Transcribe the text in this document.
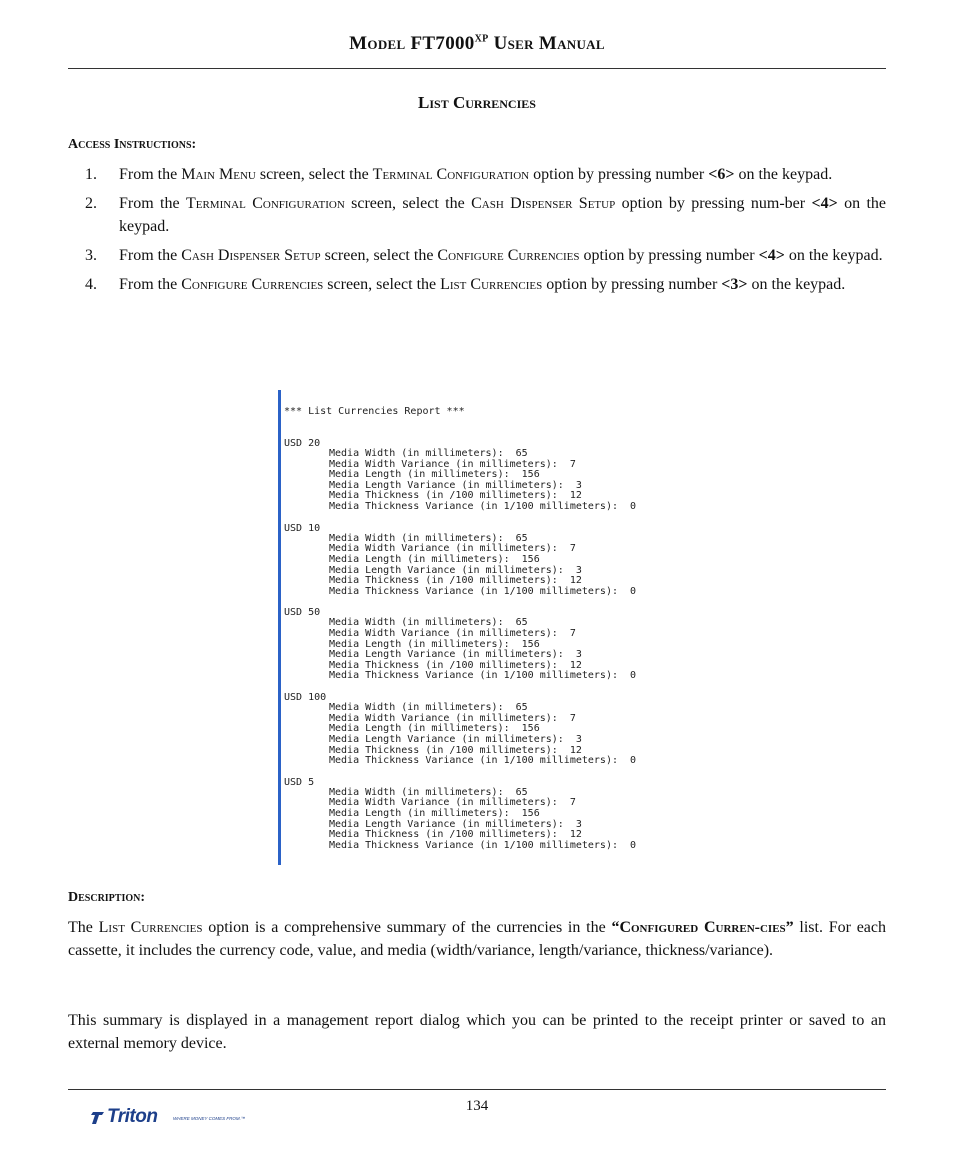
Model $FT7000^{XP}$ User Manual
List Currencies
Access Instructions:
1. From the Main Menu screen, select the Terminal Configuration option by pressing number <6> on the keypad.
2. From the Terminal Configuration screen, select the Cash Dispenser Setup option by pressing num-ber <4> on the keypad.
3. From the Cash Dispenser Setup screen, select the Configure Currencies option by pressing number <4> on the keypad.
4. From the Configure Currencies screen, select the List Currencies option by pressing number <3> on the keypad.
*** List Currencies Report ***
USD 20
Media Width (in millimeters):  65
Media Width Variance (in millimeters):  7
Media Length (in millimeters):  156
Media Length Variance (in millimeters):  3
Media Thickness (in /100 millimeters):  12
Media Thickness Variance (in 1/100 millimeters):  0
USD 10
Media Width (in millimeters):  65
Media Width Variance (in millimeters):  7
Media Length (in millimeters):  156
Media Length Variance (in millimeters):  3
Media Thickness (in /100 millimeters):  12
Media Thickness Variance (in 1/100 millimeters):  0
USD 50
Media Width (in millimeters):  65
Media Width Variance (in millimeters):  7
Media Length (in millimeters):  156
Media Length Variance (in millimeters):  3
Media Thickness (in /100 millimeters):  12
Media Thickness Variance (in 1/100 millimeters):  0
USD 100
Media Width (in millimeters):  65
Media Width Variance (in millimeters):  7
Media Length (in millimeters):  156
Media Length Variance (in millimeters):  3
Media Thickness (in /100 millimeters):  12
Media Thickness Variance (in 1/100 millimeters):  0
USD 5
Media Width (in millimeters):  65
Media Width Variance (in millimeters):  7
Media Length (in millimeters):  156
Media Length Variance (in millimeters):  3
Media Thickness (in /100 millimeters):  12
Media Thickness Variance (in 1/100 millimeters):  0
Description:
The List Currencies option is a comprehensive summary of the currencies in the “Configured Curren-cies” list. For each cassette, it includes the currency code, value, and media (width/variance, length/variance, thickness/variance).
This summary is displayed in a management report dialog which you can be printed to the receipt printer or saved to an external memory device.
134
Triton	WHERE MONEY COMES FROM.™
